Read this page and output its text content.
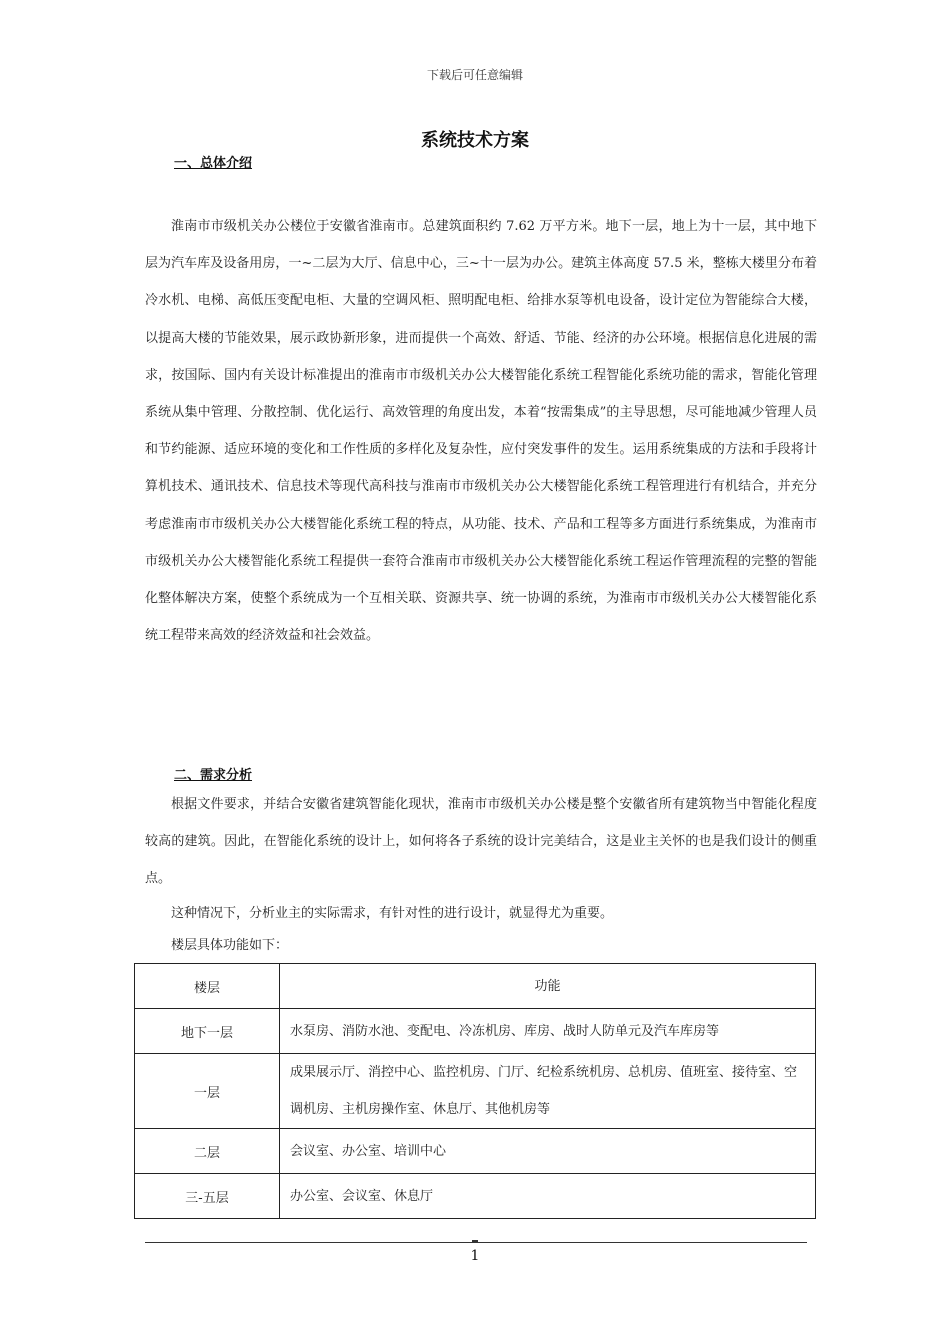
下载后可任意编辑
系统技术方案
一、总体介绍

淮南市市级机关办公楼位于安徽省淮南市。总建筑面积约 7.62 万平方米。地下一层，地上为十一层，其中地下层为汽车库及设备用房，一~二层为大厅、信息中心，三~十一层为办公。建筑主体高度 57.5 米，整栋大楼里分布着冷水机、电梯、高低压变配电柜、大量的空调风柜、照明配电柜、给排水泵等机电设备，设计定位为智能综合大楼，以提高大楼的节能效果，展示政协新形象，进而提供一个高效、舒适、节能、经济的办公环境。根据信息化进展的需求，按国际、国内有关设计标准提出的淮南市市级机关办公大楼智能化系统工程智能化系统功能的需求，智能化管理系统从集中管理、分散控制、优化运行、高效管理的角度出发，本着“按需集成”的主导思想，尽可能地减少管理人员和节约能源、适应环境的变化和工作性质的多样化及复杂性，应付突发事件的发生。运用系统集成的方法和手段将计算机技术、通讯技术、信息技术等现代高科技与淮南市市级机关办公大楼智能化系统工程管理进行有机结合，并充分考虑淮南市市级机关办公大楼智能化系统工程的特点，从功能、技术、产品和工程等多方面进行系统集成，为淮南市市级机关办公大楼智能化系统工程提供一套符合淮南市市级机关办公大楼智能化系统工程运作管理流程的完整的智能化整体解决方案，使整个系统成为一个互相关联、资源共享、统一协调的系统，为淮南市市级机关办公大楼智能化系统工程带来高效的经济效益和社会效益。

二、需求分析

根据文件要求，并结合安徽省建筑智能化现状，淮南市市级机关办公楼是整个安徽省所有建筑物当中智能化程度较高的建筑。因此，在智能化系统的设计上，如何将各子系统的设计完美结合，这是业主关怀的也是我们设计的侧重点。

这种情况下，分析业主的实际需求，有针对性的进行设计，就显得尤为重要。
楼层具体功能如下：
楼层	功能
地下一层	水泵房、消防水池、变配电、冷冻机房、库房、战时人防单元及汽车库房等
一层	成果展示厅、消控中心、监控机房、门厅、纪检系统机房、总机房、值班室、接待室、空调机房、主机房操作室、休息厅、其他机房等
二层	会议室、办公室、培训中心
三-五层	办公室、会议室、休息厅
1
